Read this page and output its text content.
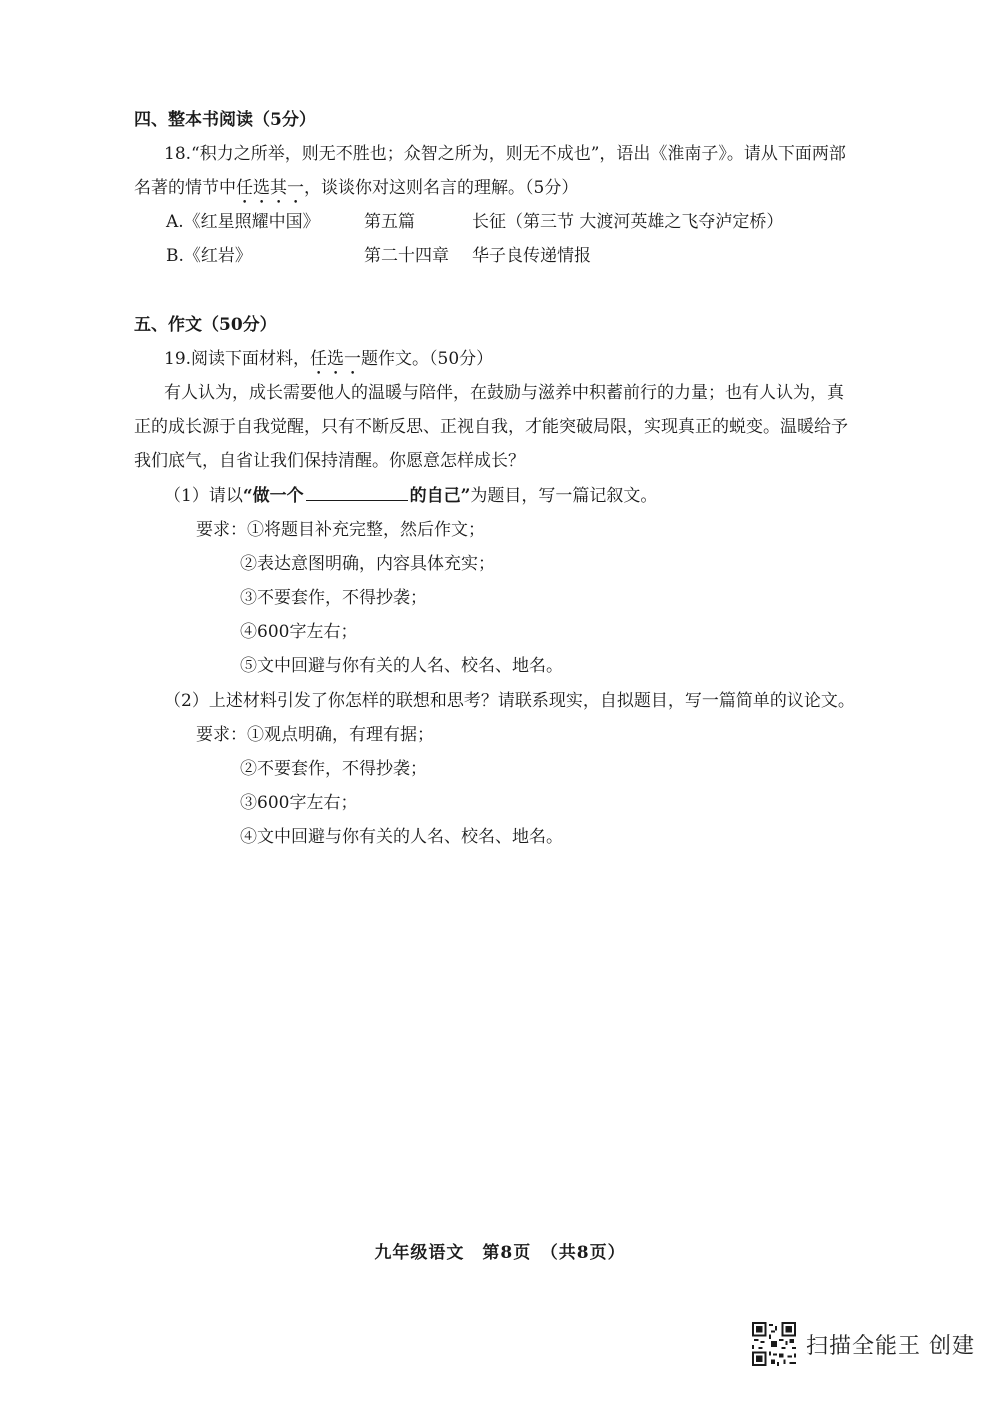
四、整本书阅读（5分）
18.“积力之所举，则无不胜也；众智之所为，则无不成也”，语出《淮南子》。请从下面两部
名著的情节中任选其一，谈谈你对这则名言的理解。（5分）
A.《红星照耀中国》	第五篇	长征（第三节 大渡河英雄之飞夺泸定桥）
B.《红岩》	第二十四章 华子良传递情报
五、作文（50分）
19.阅读下面材料，任选一题作文。（50分）
有人认为，成长需要他人的温暖与陪伴，在鼓励与滋养中积蓄前行的力量；也有人认为，真
正的成长源于自我觉醒，只有不断反思、正视自我，才能突破局限，实现真正的蜕变。温暖给予
我们底气，自省让我们保持清醒。你愿意怎样成长？
（1）请以“做一个	的自己”为题目，写一篇记叙文。
要求：①将题目补充完整，然后作文；
②表达意图明确，内容具体充实；
③不要套作，不得抄袭；
④600字左右；
⑤文中回避与你有关的人名、校名、地名。
（2）上述材料引发了你怎样的联想和思考？请联系现实，自拟题目，写一篇简单的议论文。
要求：①观点明确，有理有据；
②不要套作，不得抄袭；
③600字左右；
④文中回避与你有关的人名、校名、地名。
九年级语文　第8页　（共8页）
扫描全能王 创建
